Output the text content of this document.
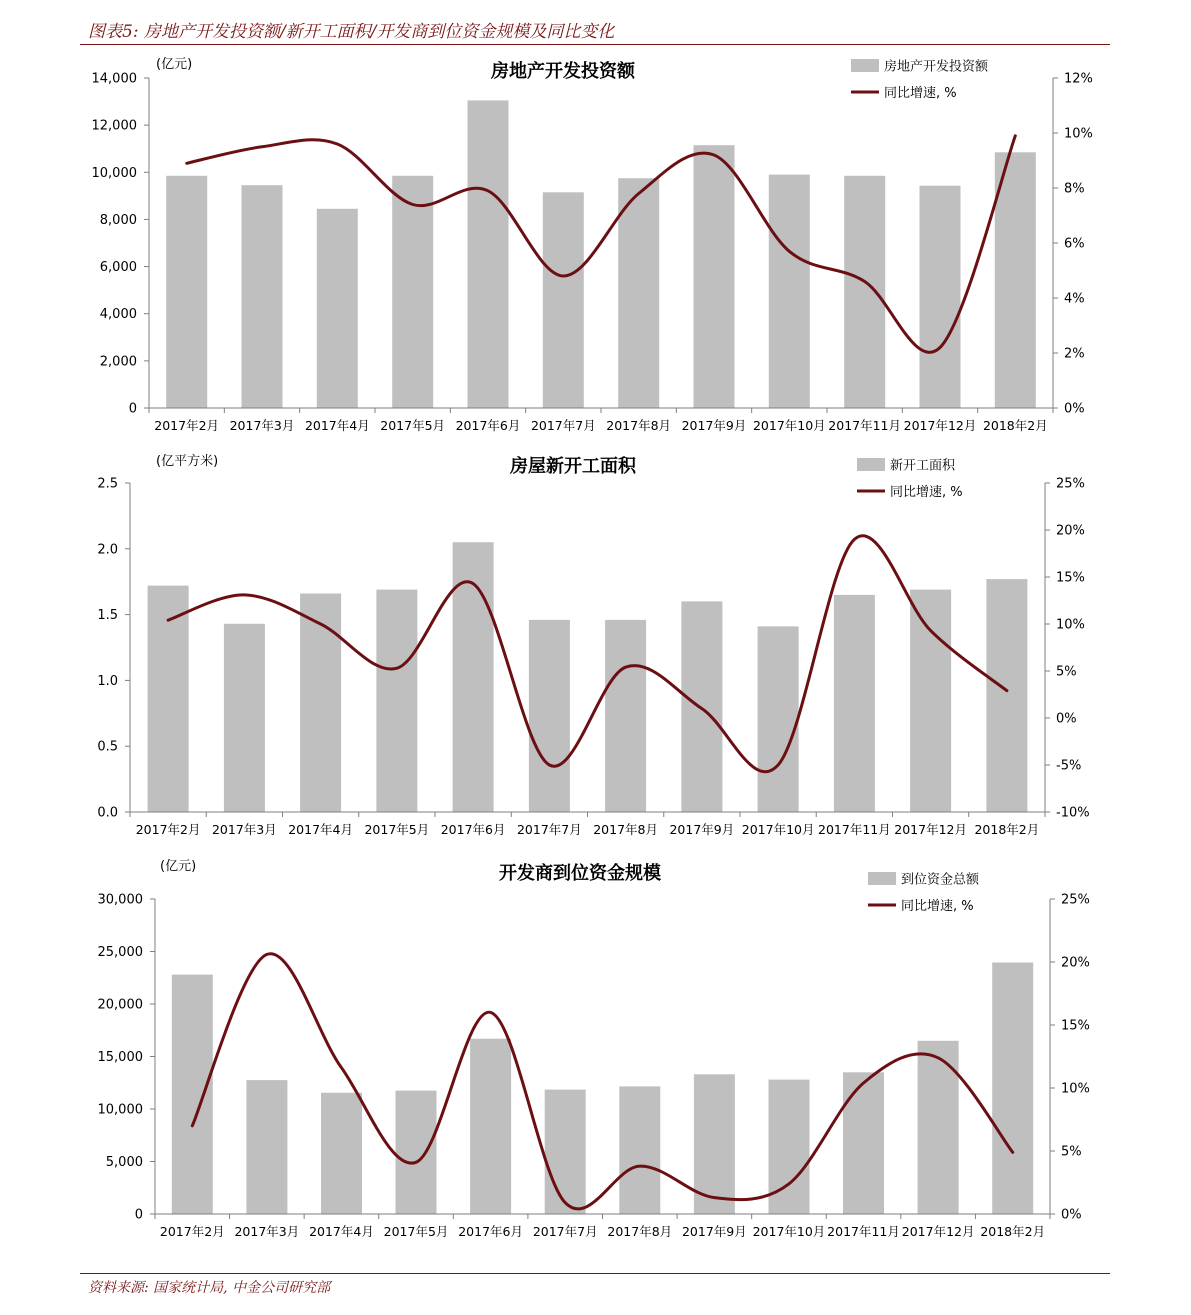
图表5: 房地产开发投资额/新开工面积/开发商到位资金规模及同比变化
房地产开发投资额
(亿元)
0
2,000
4,000
6,000
8,000
10,000
12,000
14,000
0%
2%
4%
6%
8%
10%
12%
2017年2月 2017年3月 2017年4月 2017年5月 2017年6月 2017年7月 2017年8月 2017年9月 2017年10月 2017年11月 2017年12月 2018年2月
房地产开发投资额
同比增速, %
房屋新开工面积
(亿平方米)
0.0
0.5
1.0
1.5
2.0
2.5
-10%
-5%
0%
5%
10%
15%
20%
25%
2017年2月 2017年3月 2017年4月 2017年5月 2017年6月 2017年7月 2017年8月 2017年9月 2017年10月 2017年11月 2017年12月 2018年2月
新开工面积
同比增速, %
开发商到位资金规模
(亿元)
0
5,000
10,000
15,000
20,000
25,000
30,000
0%
5%
10%
15%
20%
25%
2017年2月 2017年3月 2017年4月 2017年5月 2017年6月 2017年7月 2017年8月 2017年9月 2017年10月 2017年11月 2017年12月 2018年2月
到位资金总额
同比增速, %
资料来源: 国家统计局, 中金公司研究部
